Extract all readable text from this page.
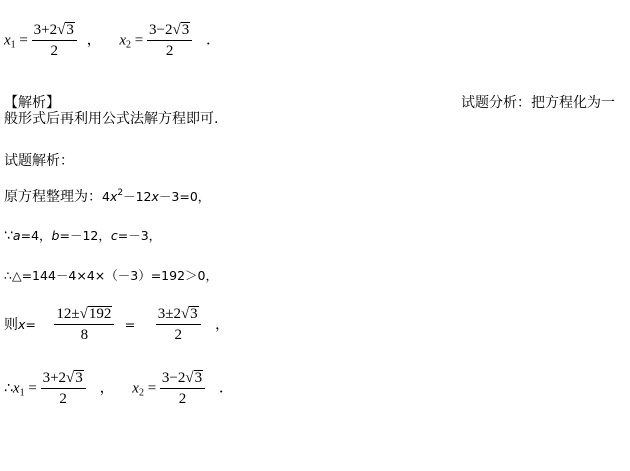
$x_1 = \frac{3+2√3}{2}$ ， $x_2 = \frac{3-2√3}{2}$ ．
【解析】	试题分析：把方程化为一
般形式后再利用公式法解方程即可.
试题解析：
原方程整理为：$4x^2-12x-3=0$，
∵a=4，b=－12，c=－3，
∴△=144－4×4×（－3）=192＞0，
则$x= \frac{12\pm√192}{8} = \frac{3\pm 2√3}{2}$ ，
$\therefore x_1 = \frac{3+2√3}{2}$ ， $x_2 = \frac{3-2√3}{2}$ ．
